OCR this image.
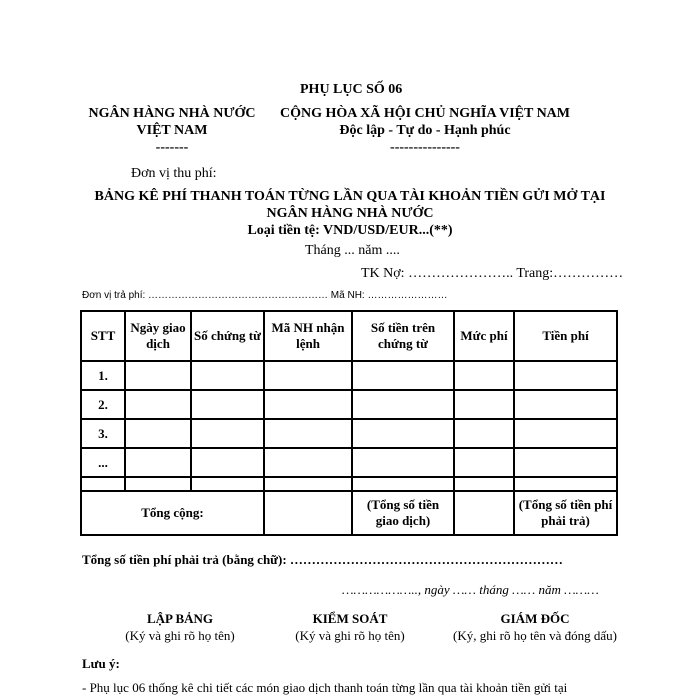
PHỤ LỤC SỐ 06
NGÂN HÀNG NHÀ NƯỚC
VIỆT NAM
-------
CỘNG HÒA XÃ HỘI CHỦ NGHĨA VIỆT NAM
Độc lập - Tự do - Hạnh phúc
---------------
Đơn vị thu phí:
BẢNG KÊ PHÍ THANH TOÁN TỪNG LẦN QUA TÀI KHOẢN TIỀN GỬI MỞ TẠI
NGÂN HÀNG NHÀ NƯỚC
Loại tiền tệ: VND/USD/EUR...(**)
Tháng ... năm ....
TK Nợ: ………………….. Trang:……………
Đơn vị trả phí: ……………………………………………… Mã NH: ……………………
STT	Ngày giao dịch	Số chứng từ	Mã NH nhận lệnh	Số tiền trên chứng từ	Mức phí	Tiền phí
1.						
2.						
3.						
...						

Tổng cộng:				(Tổng số tiền giao dịch)		(Tổng số tiền phí phải trả)
Tổng số tiền phí phải trả (bằng chữ): ………………………………………………………
……………….., ngày …… tháng …… năm ………
LẬP BẢNG
(Ký và ghi rõ họ tên)
KIỂM SOÁT
(Ký và ghi rõ họ tên)
GIÁM ĐỐC
(Ký, ghi rõ họ tên và đóng dấu)
Lưu ý:
- Phụ lục 06 thống kê chi tiết các món giao dịch thanh toán từng lần qua tài khoản tiền gửi tại
